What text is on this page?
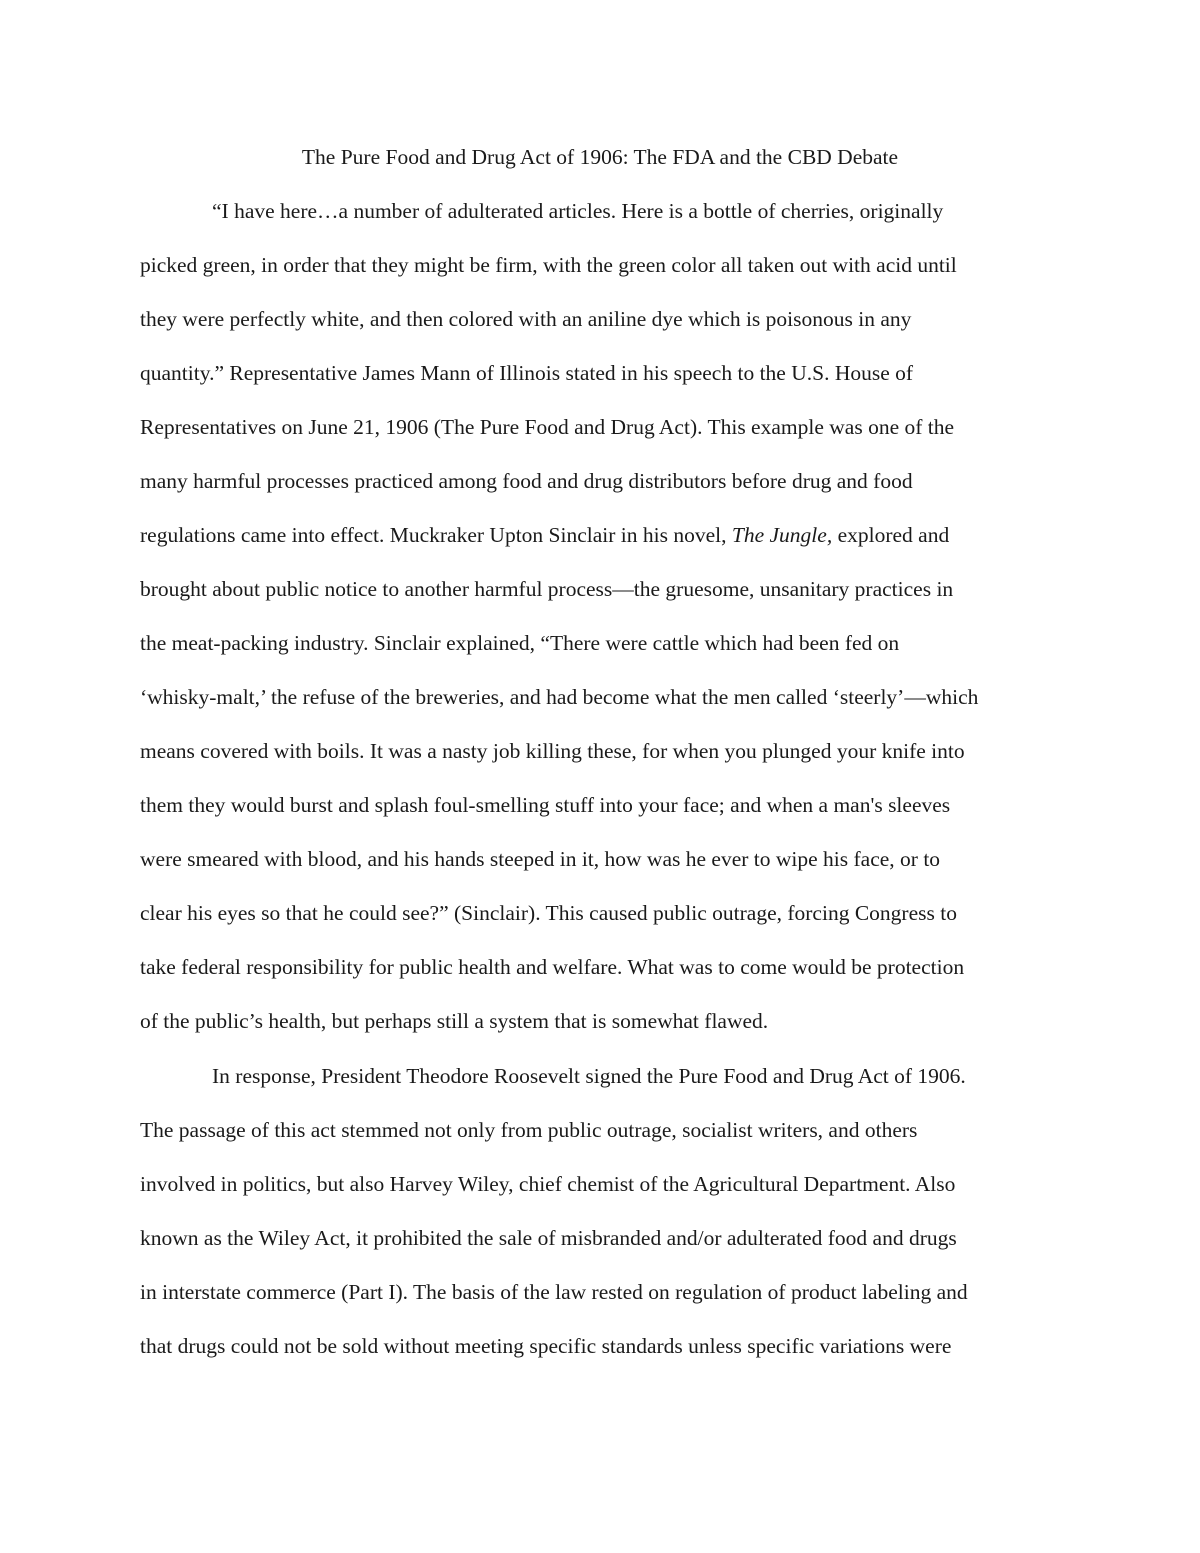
The Pure Food and Drug Act of 1906: The FDA and the CBD Debate

“I have here…a number of adulterated articles. Here is a bottle of cherries, originally

picked green, in order that they might be firm, with the green color all taken out with acid until

they were perfectly white, and then colored with an aniline dye which is poisonous in any

quantity.” Representative James Mann of Illinois stated in his speech to the U.S. House of

Representatives on June 21, 1906 (The Pure Food and Drug Act). This example was one of the

many harmful processes practiced among food and drug distributors before drug and food

regulations came into effect. Muckraker Upton Sinclair in his novel, The Jungle, explored and

brought about public notice to another harmful process—the gruesome, unsanitary practices in

the meat-packing industry. Sinclair explained, “There were cattle which had been fed on

‘whisky-malt,’ the refuse of the breweries, and had become what the men called ‘steerly’—which

means covered with boils. It was a nasty job killing these, for when you plunged your knife into

them they would burst and splash foul-smelling stuff into your face; and when a man's sleeves

were smeared with blood, and his hands steeped in it, how was he ever to wipe his face, or to

clear his eyes so that he could see?” (Sinclair). This caused public outrage, forcing Congress to

take federal responsibility for public health and welfare. What was to come would be protection

of the public’s health, but perhaps still a system that is somewhat flawed.

In response, President Theodore Roosevelt signed the Pure Food and Drug Act of 1906.

The passage of this act stemmed not only from public outrage, socialist writers, and others

involved in politics, but also Harvey Wiley, chief chemist of the Agricultural Department. Also

known as the Wiley Act, it prohibited the sale of misbranded and/or adulterated food and drugs

in interstate commerce (Part I). The basis of the law rested on regulation of product labeling and

that drugs could not be sold without meeting specific standards unless specific variations were
